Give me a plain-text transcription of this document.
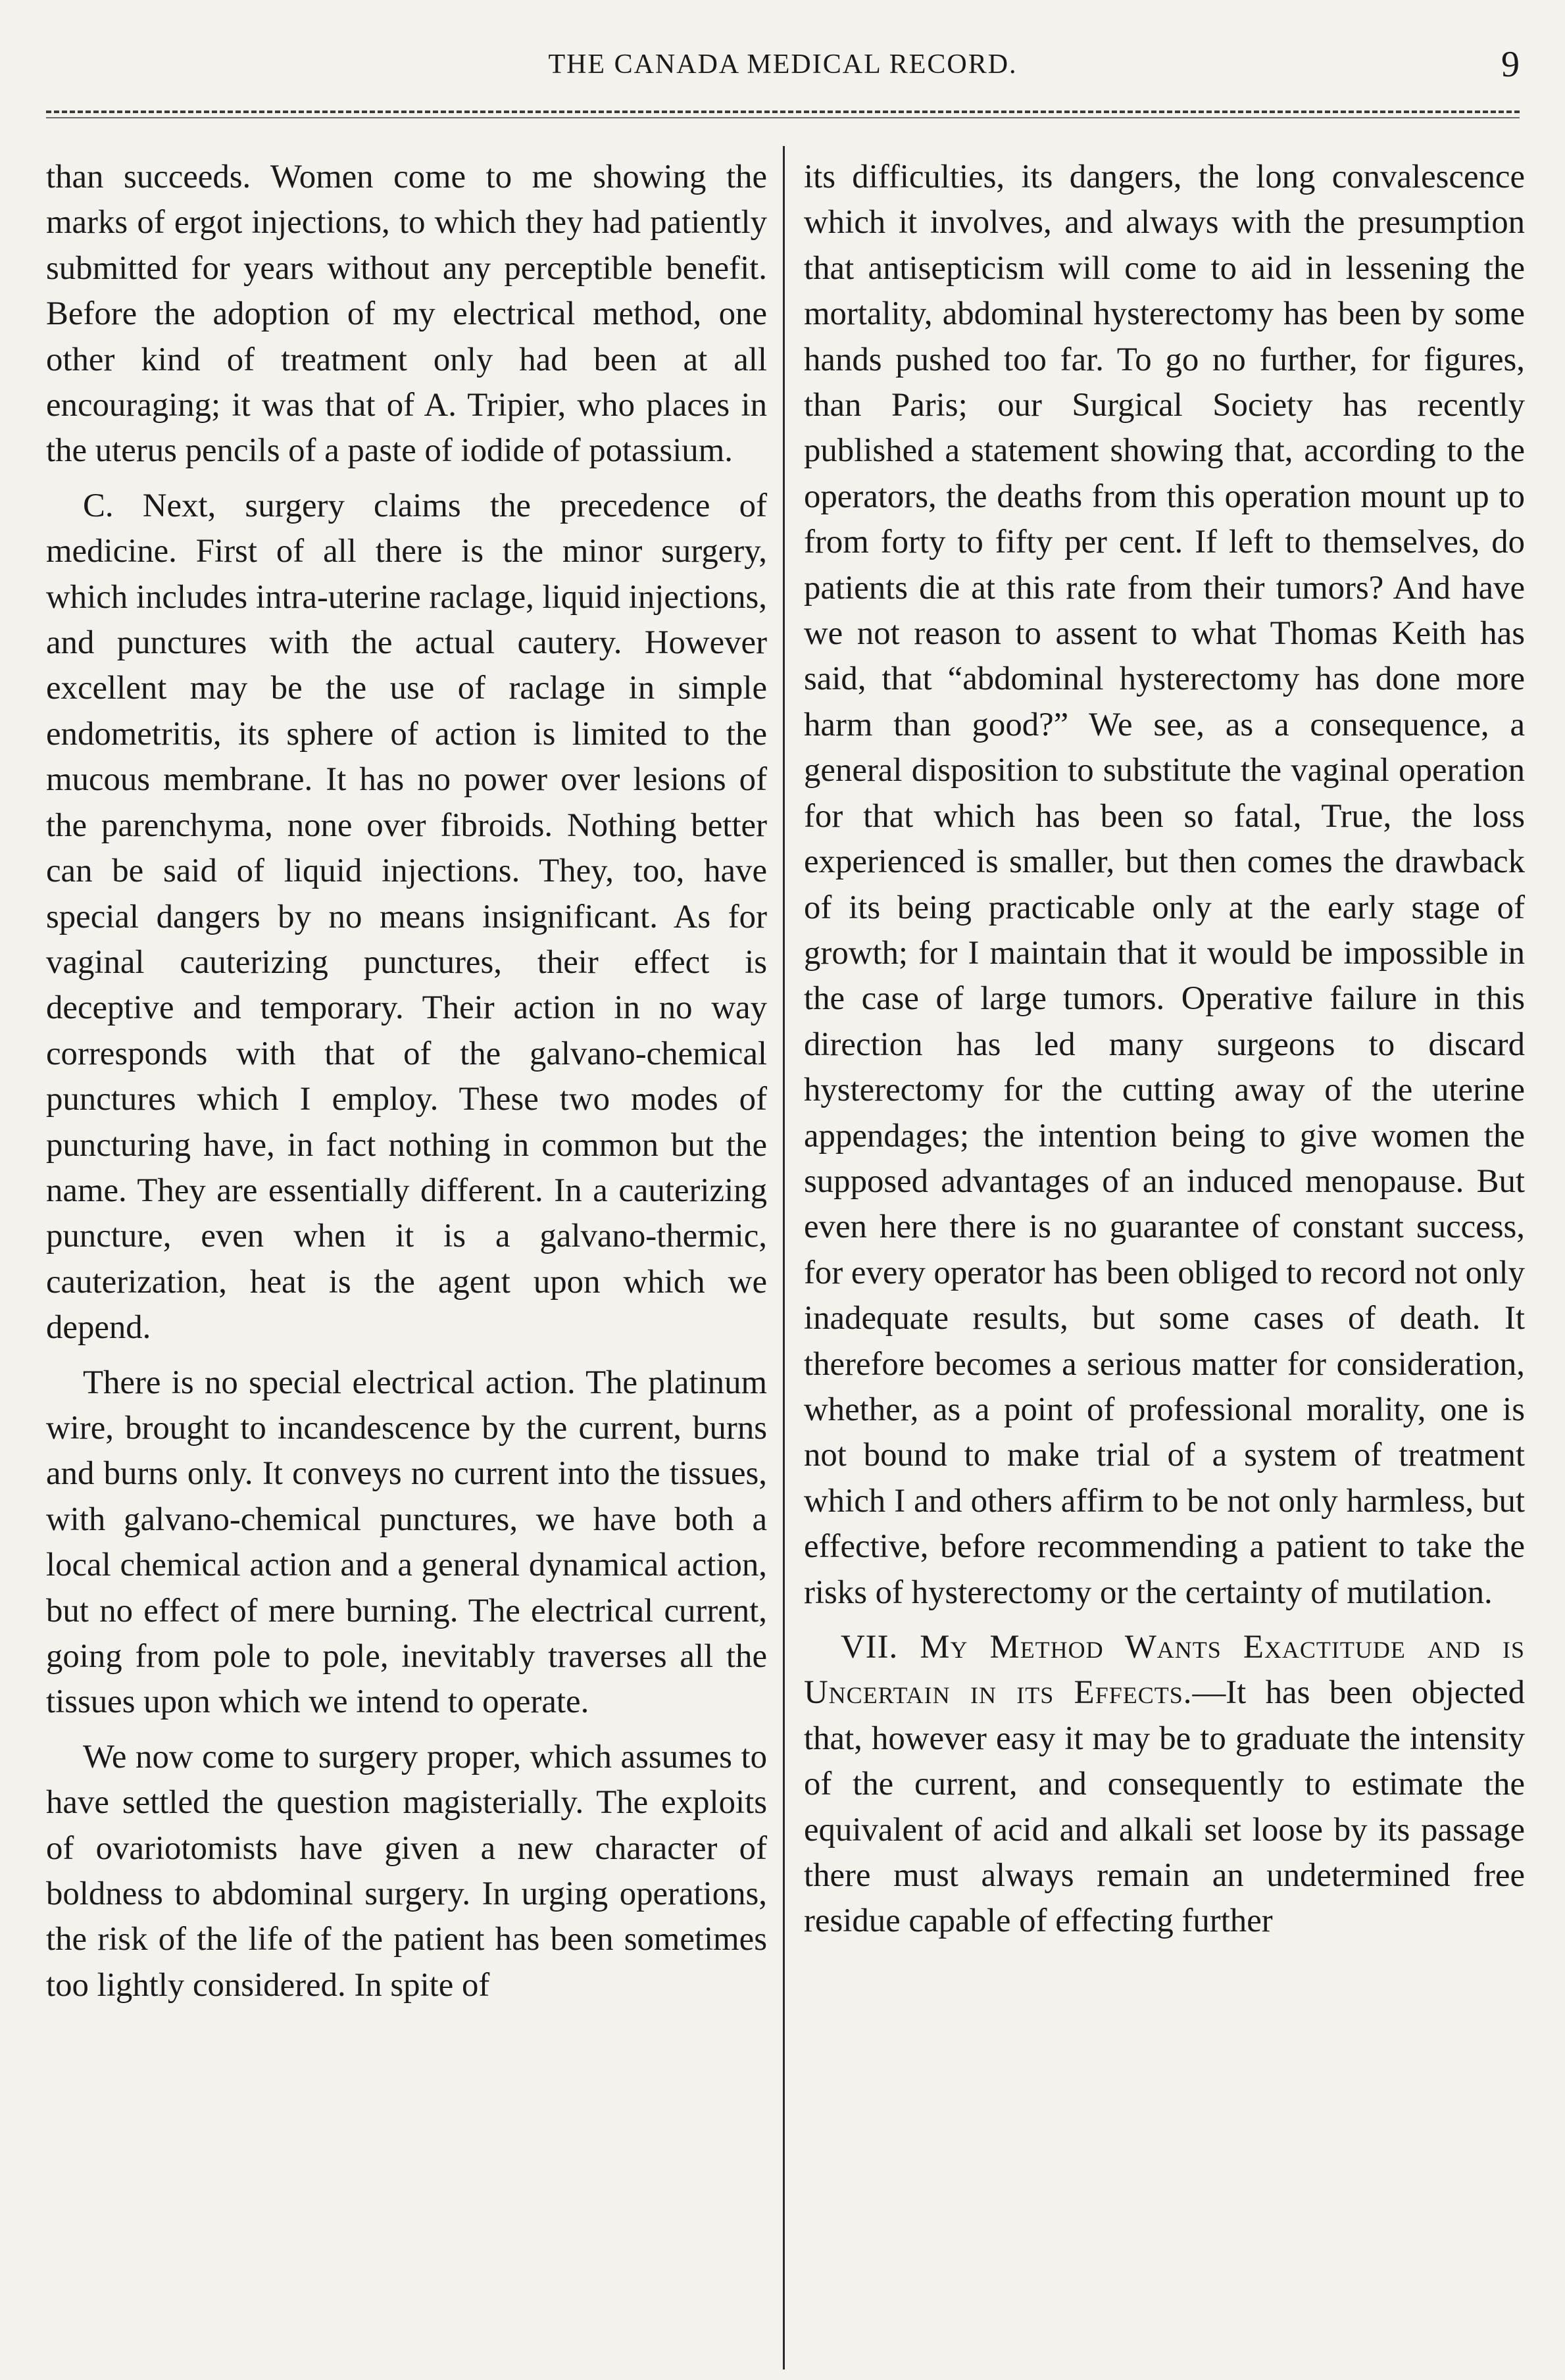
THE CANADA MEDICAL RECORD.	9

than succeeds. Women come to me showing the marks of ergot injections, to which they had patiently submitted for years without any perceptible benefit. Before the adoption of my electrical method, one other kind of treatment only had been at all encouraging; it was that of A. Tripier, who places in the uterus pencils of a paste of iodide of potassium.

C. Next, surgery claims the precedence of medicine. First of all there is the minor surgery, which includes intra-uterine raclage, liquid injections, and punctures with the actual cautery. However excellent may be the use of raclage in simple endometritis, its sphere of action is limited to the mucous membrane. It has no power over lesions of the parenchyma, none over fibroids. Nothing better can be said of liquid injections. They, too, have special dangers by no means insignificant. As for vaginal cauterizing punctures, their effect is deceptive and temporary. Their action in no way corresponds with that of the galvano-chemical punctures which I employ. These two modes of puncturing have, in fact nothing in common but the name. They are essentially different. In a cauterizing puncture, even when it is a galvano-thermic, cauterization, heat is the agent upon which we depend.

There is no special electrical action. The platinum wire, brought to incandescence by the current, burns and burns only. It conveys no current into the tissues, with galvano-chemical punctures, we have both a local chemical action and a general dynamical action, but no effect of mere burning. The electrical current, going from pole to pole, inevitably traverses all the tissues upon which we intend to operate.

We now come to surgery proper, which assumes to have settled the question magisterially. The exploits of ovariotomists have given a new character of boldness to abdominal surgery. In urging operations, the risk of the life of the patient has been sometimes too lightly considered. In spite of

its difficulties, its dangers, the long convalescence which it involves, and always with the presumption that antisepticism will come to aid in lessening the mortality, abdominal hysterectomy has been by some hands pushed too far. To go no further, for figures, than Paris; our Surgical Society has recently published a statement showing that, according to the operators, the deaths from this operation mount up to from forty to fifty per cent. If left to themselves, do patients die at this rate from their tumors? And have we not reason to assent to what Thomas Keith has said, that “abdominal hysterectomy has done more harm than good?” We see, as a consequence, a general disposition to substitute the vaginal operation for that which has been so fatal, True, the loss experienced is smaller, but then comes the drawback of its being practicable only at the early stage of growth; for I maintain that it would be impossible in the case of large tumors. Operative failure in this direction has led many surgeons to discard hysterectomy for the cutting away of the uterine appendages; the intention being to give women the supposed advantages of an induced menopause. But even here there is no guarantee of constant success, for every operator has been obliged to record not only inadequate results, but some cases of death. It therefore becomes a serious matter for consideration, whether, as a point of professional morality, one is not bound to make trial of a system of treatment which I and others affirm to be not only harmless, but effective, before recommending a patient to take the risks of hysterectomy or the certainty of mutilation.

VII. My Method Wants Exactitude and is Uncertain in its Effects.—It has been objected that, however easy it may be to graduate the intensity of the current, and consequently to estimate the equivalent of acid and alkali set loose by its passage there must always remain an undetermined free residue capable of effecting further
